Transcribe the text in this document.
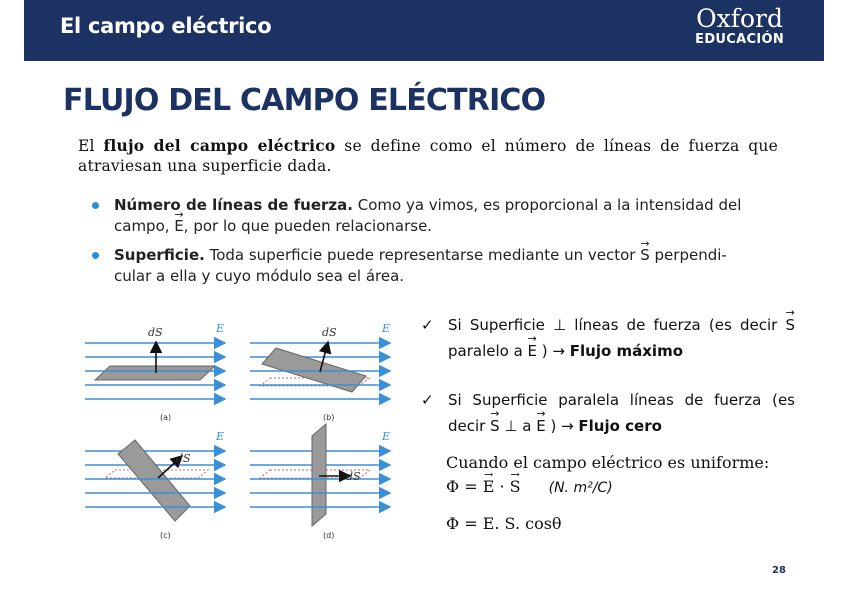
El campo eléctrico	Oxford
EDUCACIÓN
FLUJO DEL CAMPO ELÉCTRICO
El flujo del campo eléctrico se define como el número de líneas de fuerza que atraviesan una superficie dada.
Número de líneas de fuerza. Como ya vimos, es proporcional a la intensidad del campo, → E, por lo que pueden relacionarse.
Superficie. Toda superficie puede representarse mediante un vector → S perpendi-cular a ella y cuyo módulo sea el área.
dS	E
(a)
dS	E
(b)
dS
E
(c)
dS
E
(d)
✓ Si Superficie ⊥ líneas de fuerza (es decir → Sparalelo a → E ) → Flujo máximo
✓ Si Superficie paralela líneas de fuerza (es decir → S ⊥ a → E ) → Flujo cero
Cuando el campo eléctrico es uniforme:
Φ = → E · → S (N. m²/C)
Φ = E. S. cosθ
28
